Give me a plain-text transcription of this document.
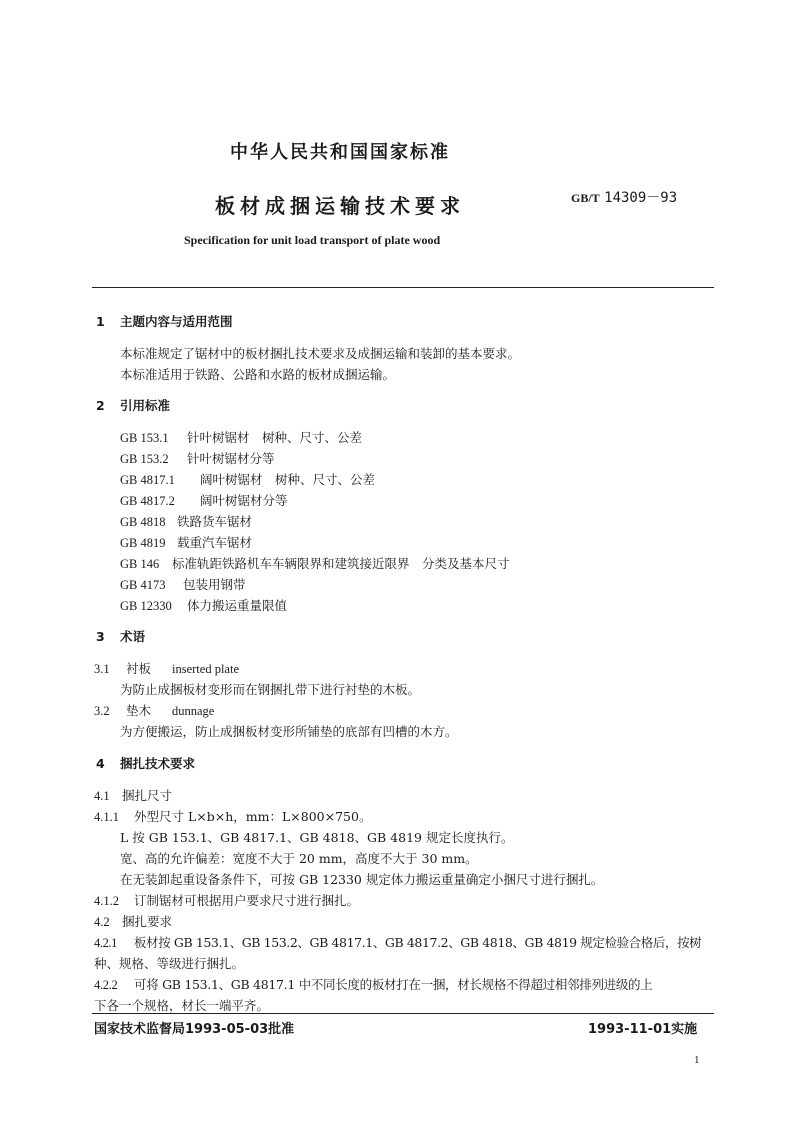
中华人民共和国国家标准
板材成捆运输技术要求	GB/T 14309－93
Specification for unit load transport of plate wood
1 主题内容与适用范围
本标准规定了锯材中的板材捆扎技术要求及成捆运输和装卸的基本要求。
本标准适用于铁路、公路和水路的板材成捆运输。
2 引用标准
GB 153.1 针叶树锯材　树种、尺寸、公差
GB 153.2 针叶树锯材分等
GB 4817.1 阔叶树锯材　树种、尺寸、公差
GB 4817.2 阔叶树锯材分等
GB 4818 铁路货车锯材
GB 4819 载重汽车锯材
GB 146 标准轨距铁路机车车辆限界和建筑接近限界　分类及基本尺寸
GB 4173 包装用钢带
GB 12330 体力搬运重量限值
3 术语
3.1 衬板 inserted plate
为防止成捆板材变形而在钢捆扎带下进行衬垫的木板。
3.2 垫木 dunnage
为方便搬运，防止成捆板材变形所铺垫的底部有凹槽的木方。
4 捆扎技术要求
4.1 捆扎尺寸
4.1.1 外型尺寸 L×b×h，mm：L×800×750。
L 按 GB 153.1、GB 4817.1、GB 4818、GB 4819 规定长度执行。
宽、高的允许偏差：宽度不大于 20 mm，高度不大于 30 mm。
在无装卸起重设备条件下，可按 GB 12330 规定体力搬运重量确定小捆尺寸进行捆扎。
4.1.2 订制锯材可根据用户要求尺寸进行捆扎。
4.2 捆扎要求
4.2.1 板材按 GB 153.1、GB 153.2、GB 4817.1、GB 4817.2、GB 4818、GB 4819 规定检验合格后，按树
种、规格、等级进行捆扎。
4.2.2 可将 GB 153.1、GB 4817.1 中不同长度的板材打在一捆，材长规格不得超过相邻排列进级的上
下各一个规格，材长一端平齐。
国家技术监督局1993-05-03批准	1993-11-01实施
1
